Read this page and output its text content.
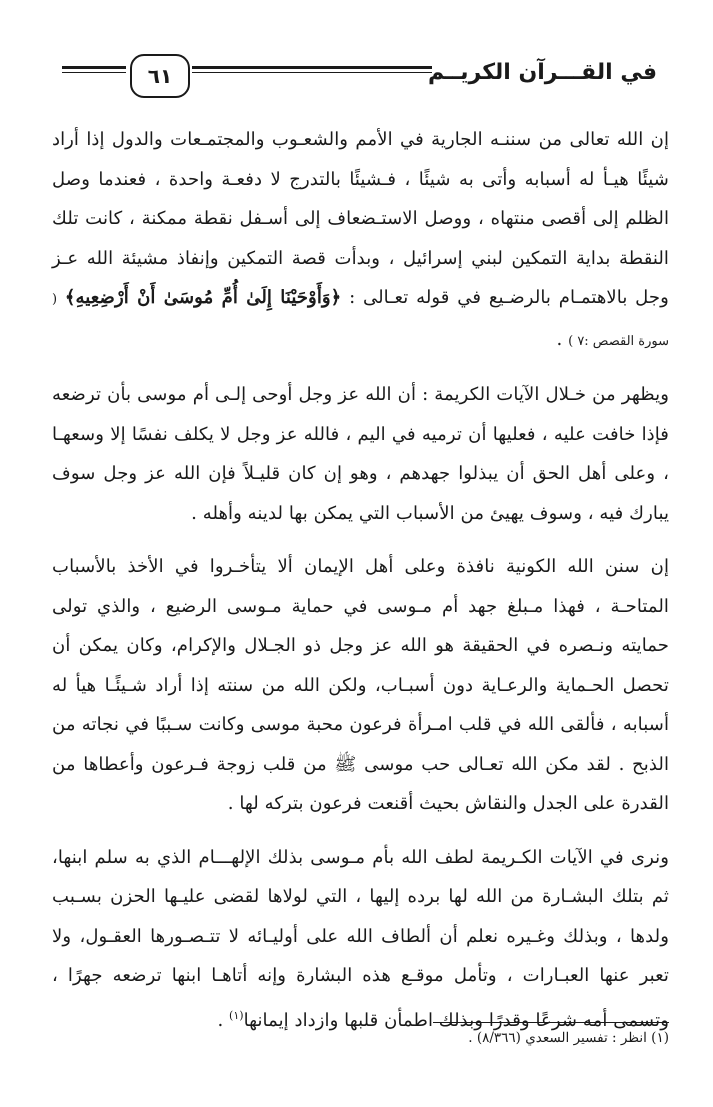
٦١	في القـــرآن الكريــم

إن الله تعالى من سننـه الجارية في الأمم والشعـوب والمجتمـعات والدول إذا أراد شيئًا هيـأ له أسبابه وأتى به شيئًا ، فـشيئًا بالتدرج لا دفعـة واحدة ، فعندما وصل الظلم إلى أقصى منتهاه ، ووصل الاستـضعاف إلى أسـفل نقطة ممكنة ، كانت تلك النقطة بداية التمكين لبني إسرائيل ، وبدأت قصة التمكين وإنفاذ مشيئة الله عـز وجل بالاهتمـام بالرضـيع في قوله تعـالى : ﴿وَأَوْحَيْنَا إِلَىٰ أُمِّ مُوسَىٰ أَنْ أَرْضِعِيهِ﴾ ( سورة القصص :٧ ) .

ويظهر من خـلال الآيات الكريمة : أن الله عز وجل أوحى إلـى أم موسى بأن ترضعه فإذا خافت عليه ، فعليها أن ترميه في اليم ، فالله عز وجل لا يكلف نفسًا إلا وسعهـا ، وعلى أهل الحق أن يبذلوا جهدهم ، وهو إن كان قليـلاً فإن الله عز وجل سوف يبارك فيه ، وسوف يهيئ من الأسباب التي يمكن بها لدينه وأهله .

إن سنن الله الكونية نافذة وعلى أهل الإيمان ألا يتأخـروا في الأخذ بالأسباب المتاحـة ، فهذا مـبلغ جهد أم مـوسى في حماية مـوسى الرضيع ، والذي تولى حمايته ونـصره في الحقيقة هو الله عز وجل ذو الجـلال والإكرام، وكان يمكن أن تحصل الحـماية والرعـاية دون أسبـاب، ولكن الله من سنته إذا أراد شـيئًـا هيأ له أسبابه ، فألقى الله في قلب امـرأة فرعون محبة موسى وكانت سـببًا في نجاته من الذبح . لقد مكن الله تعـالى حب موسى ﷺ من قلب زوجة فـرعون وأعطاها من القدرة على الجدل والنقاش بحيث أقنعت فرعون بتركه لها .

ونرى في الآيات الكـريمة لطف الله بأم مـوسى بذلك الإلهـــام الذي به سلم ابنها، ثم بتلك البشـارة من الله لها برده إليها ، التي لولاها لقضى عليـها الحزن بسـبب ولدها ، وبذلك وغـيره نعلم أن ألطاف الله على أوليـائه لا تتـصـورها العقـول، ولا تعبر عنها العبـارات ، وتأمل موقـع هذه البشارة وإنه أتاهـا ابنها ترضعه جهرًا ، وتسمى أمه شرعًا وقدرًا وبذلك اطمأن قلبها وازداد إيمانها$^{(١)}$ .

(١) انظر : تفسير السعدي (٨/٣٦٦) .
